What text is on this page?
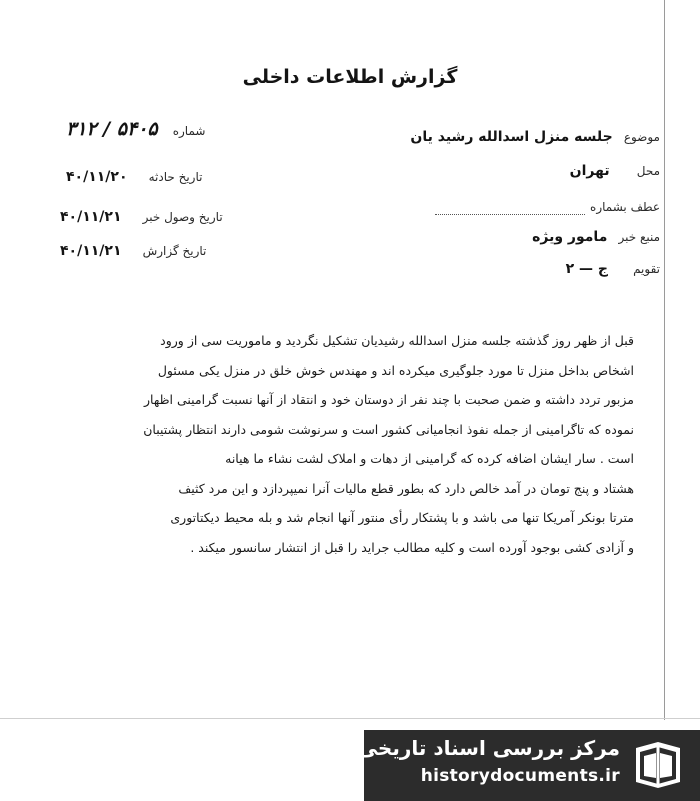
گزارش اطلاعات داخلی
موضوع جلسه منزل اسدالله رشید یان
محل تهران
عطف بشماره
منبع خبر مامور ویژه
تقویم ج — ۲
شماره ۵۴۰۵ / ۳۱۲
تاریخ حادثه ۴۰/۱۱/۲۰
تاریخ وصول خبر ۴۰/۱۱/۲۱
تاریخ گزارش ۴۰/۱۱/۲۱

قبل از ظهر روز گذشته جلسه منزل اسدالله رشیدیان تشکیل نگردید و ماموریت سی از ورود

اشخاص بداخل منزل تا مورد جلوگیری میکرده اند و مهندس خوش خلق در منزل یکی مسئول

مزبور تردد داشته و ضمن صحبت با چند نفر از دوستان خود و انتقاد از آنها نسبت گرامینی اظهار

نموده که تاگرامینی از جمله نفوذ انجامیانی کشور است و سرنوشت شومی دارند انتظار پشتیبان

است . سار ایشان اضافه کرده که گرامینی از دهات و املاک لشت نشاء ما هیانه

هشتاد و پنج تومان در آمد خالص دارد که بطور قطع مالیات آنرا نمیپردازد و این مرد کثیف

مترتا بونکر آمریکا تنها می باشد و با پشتکار رأی منتور آنها انجام شد و بله محیط دیکتاتوری

و آزادی کشی بوجود آورده است و کلیه مطالب جراید را قبل از انتشار سانسور میکند .

مرکز بررسی اسناد تاریخی
historydocuments.ir
